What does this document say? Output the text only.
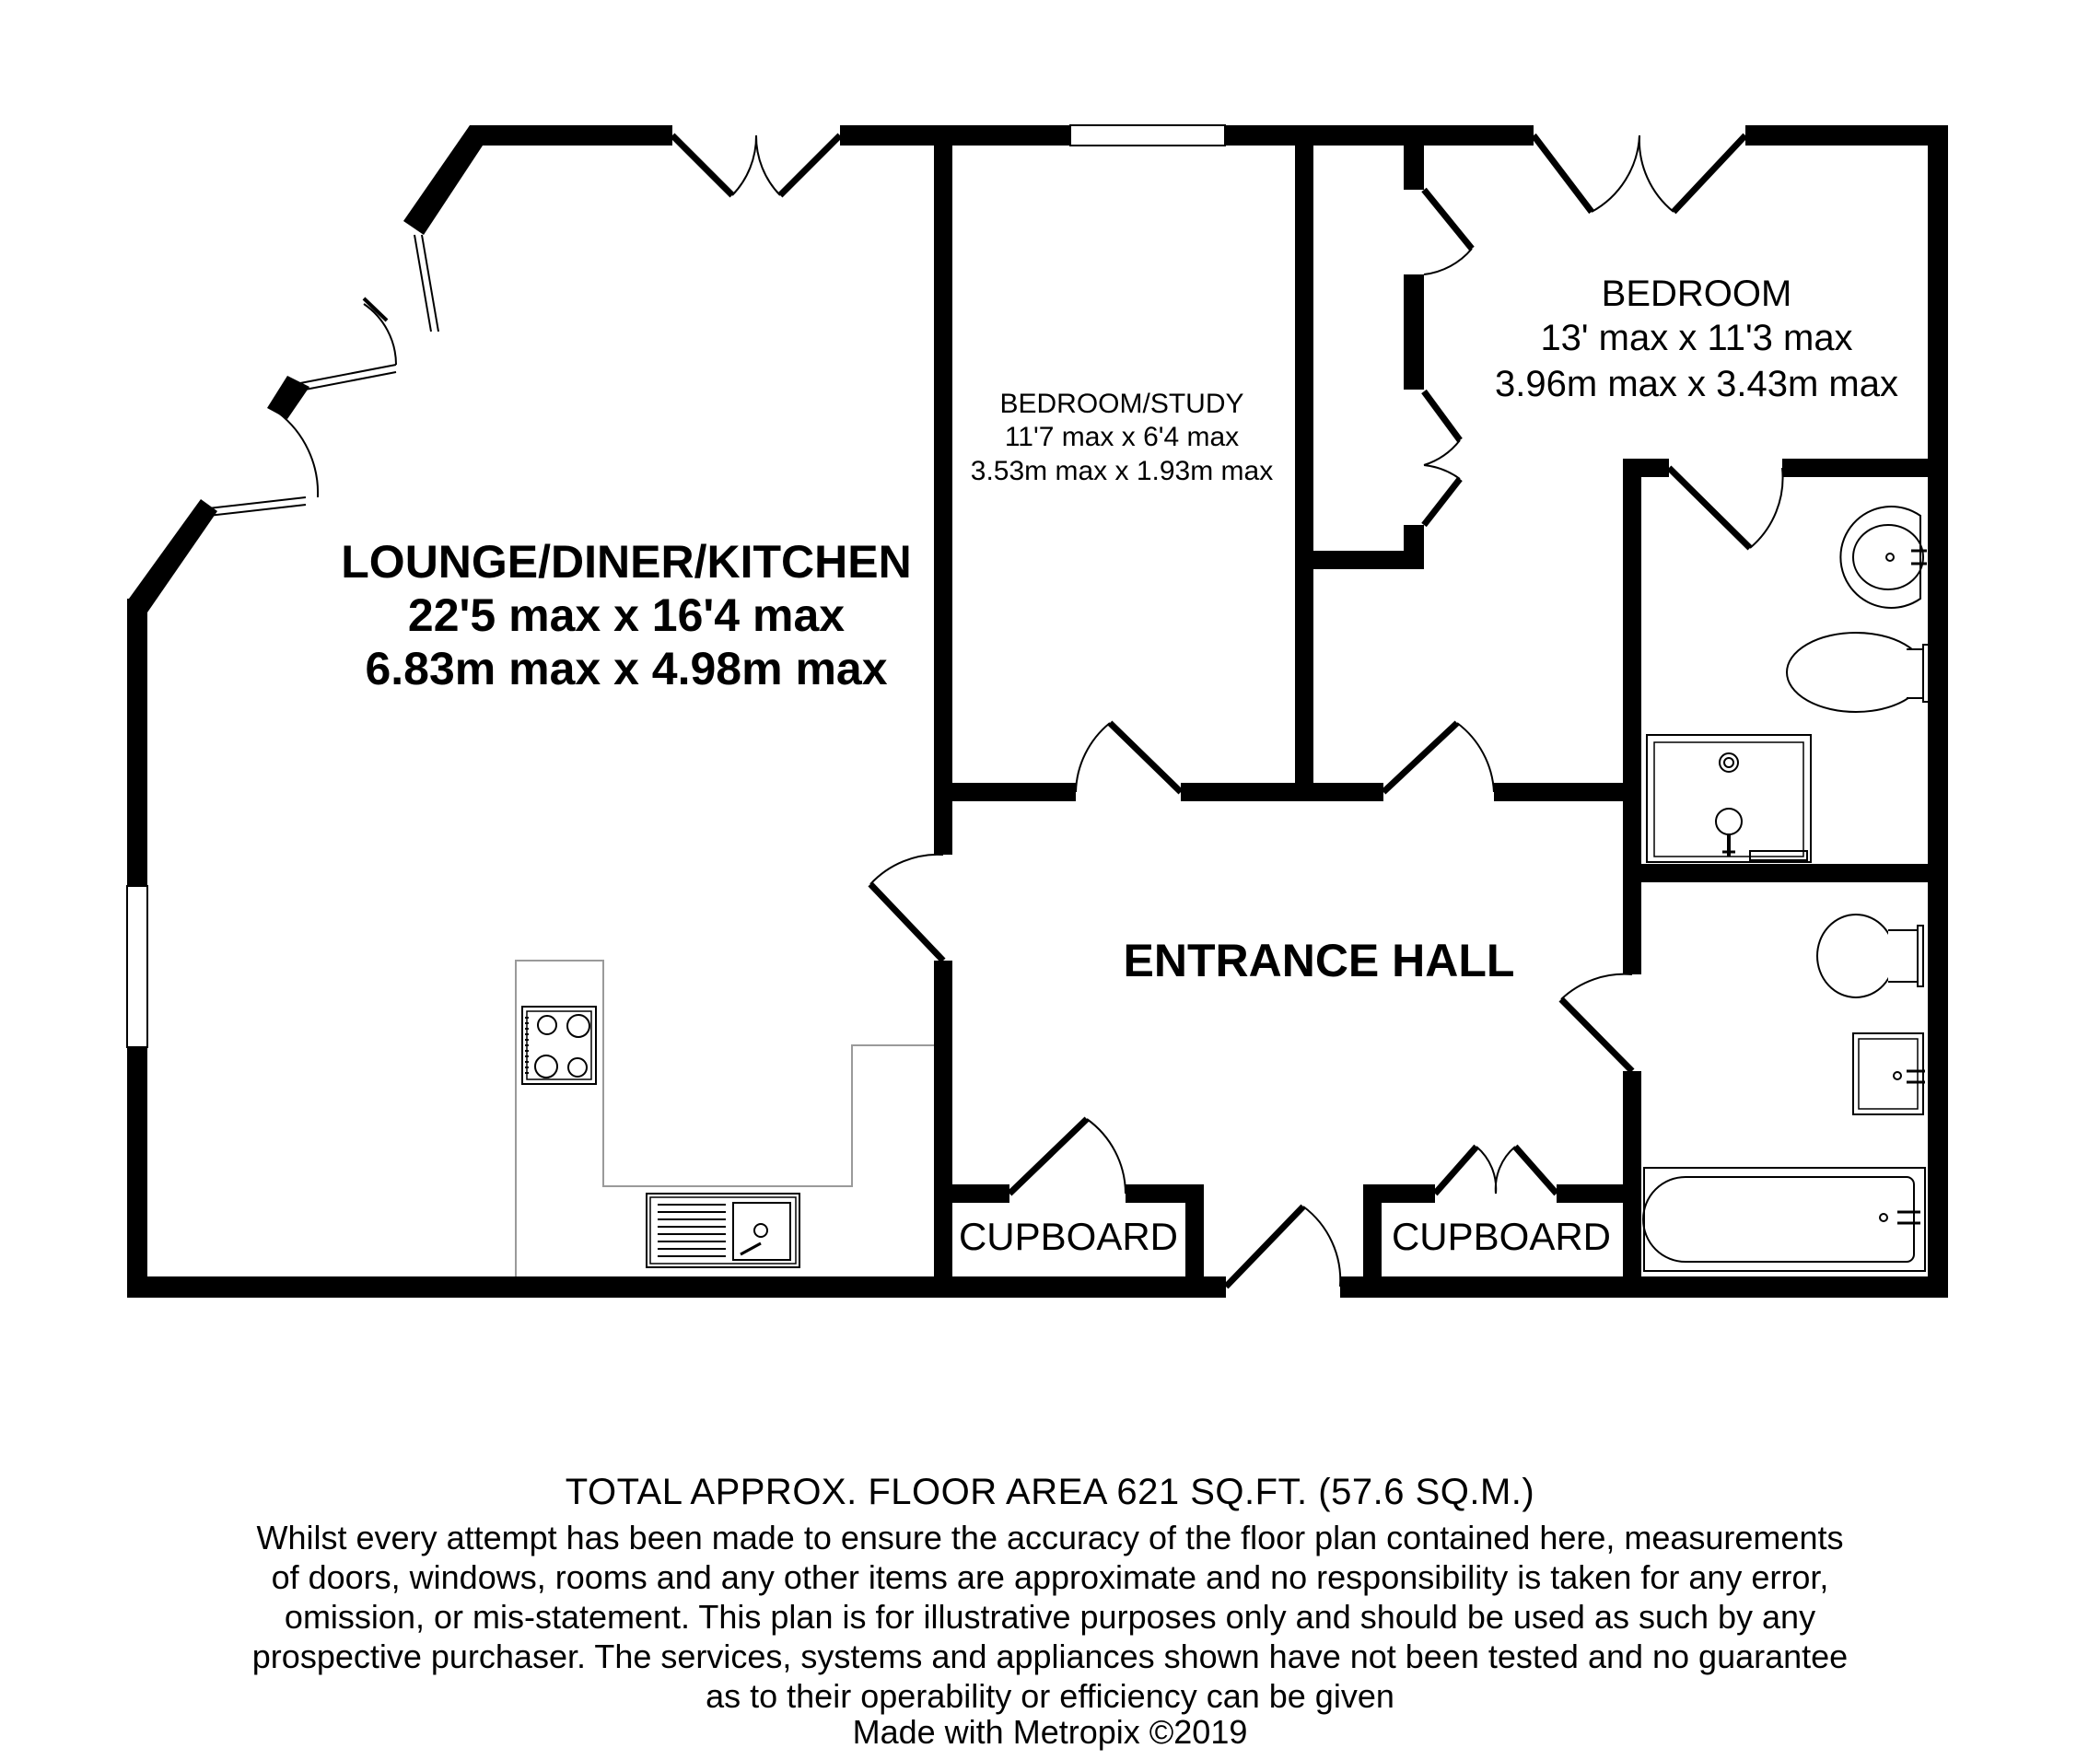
LOUNGE/DINER/KITCHEN
22'5 max x 16'4 max
6.83m max x 4.98m max
BEDROOM/STUDY
11'7 max x 6'4 max
3.53m max x 1.93m max
BEDROOM
13' max x 11'3 max
3.96m max x 3.43m max
ENTRANCE HALL
CUPBOARD	CUPBOARD
TOTAL APPROX. FLOOR AREA 621 SQ.FT. (57.6 SQ.M.)
Whilst every attempt has been made to ensure the accuracy of the floor plan contained here, measurements
of doors, windows, rooms and any other items are approximate and no responsibility is taken for any error,
omission, or mis-statement. This plan is for illustrative purposes only and should be used as such by any
prospective purchaser. The services, systems and appliances shown have not been tested and no guarantee
as to their operability or efficiency can be given
Made with Metropix ©2019
